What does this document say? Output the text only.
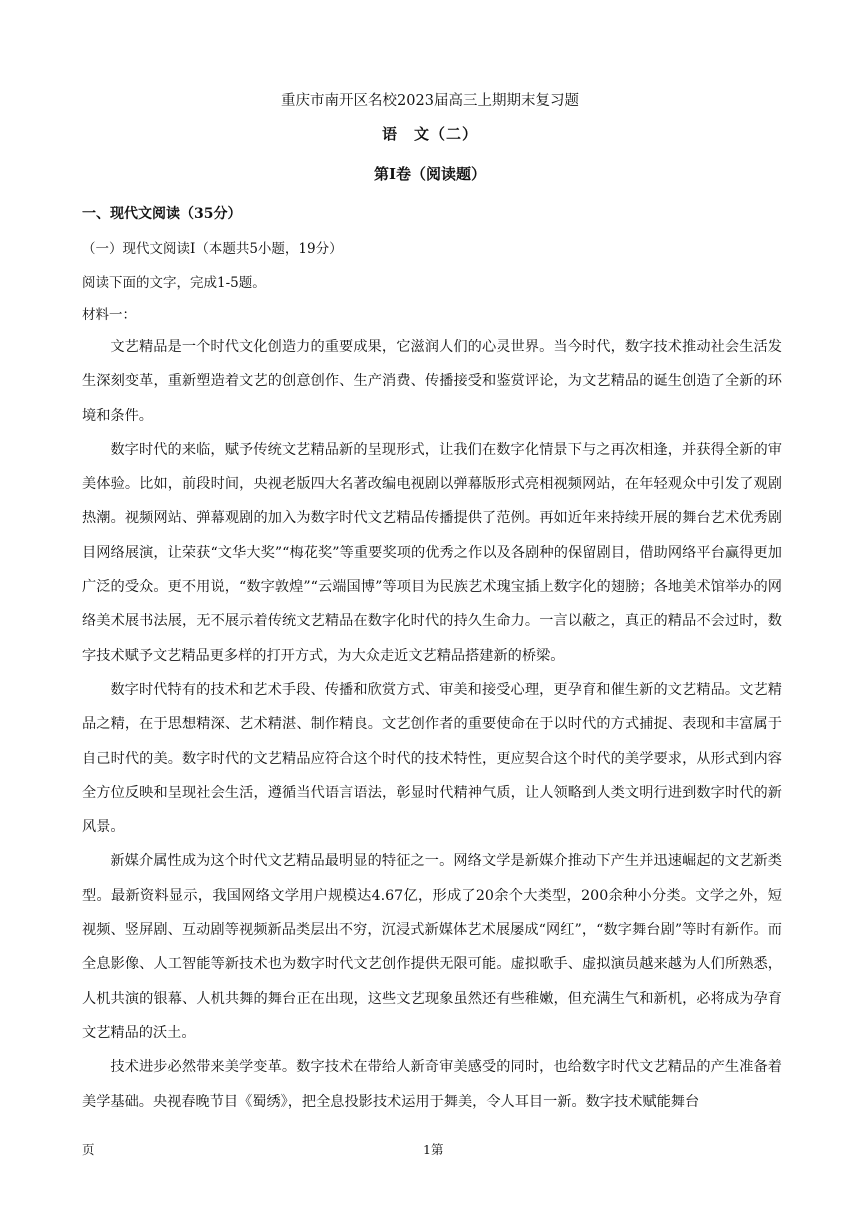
重庆市南开区名校2023届高三上期期末复习题
语 文（二）
第Ⅰ卷（阅读题）
一、现代文阅读（35分）
（一）现代文阅读Ⅰ（本题共5小题，19分）
阅读下面的文字，完成1-5题。
材料一：

文艺精品是一个时代文化创造力的重要成果，它滋润人们的心灵世界。当今时代，数字技术推动社会生活发生深刻变革，重新塑造着文艺的创意创作、生产消费、传播接受和鉴赏评论，为文艺精品的诞生创造了全新的环境和条件。

数字时代的来临，赋予传统文艺精品新的呈现形式，让我们在数字化情景下与之再次相逢，并获得全新的审美体验。比如，前段时间，央视老版四大名著改编电视剧以弹幕版形式亮相视频网站，在年轻观众中引发了观剧热潮。视频网站、弹幕观剧的加入为数字时代文艺精品传播提供了范例。再如近年来持续开展的舞台艺术优秀剧目网络展演，让荣获“文华大奖”“梅花奖”等重要奖项的优秀之作以及各剧种的保留剧目，借助网络平台赢得更加广泛的受众。更不用说，“数字敦煌”“云端国博”等项目为民族艺术瑰宝插上数字化的翅膀；各地美术馆举办的网络美术展书法展，无不展示着传统文艺精品在数字化时代的持久生命力。一言以蔽之，真正的精品不会过时，数字技术赋予文艺精品更多样的打开方式，为大众走近文艺精品搭建新的桥梁。

数字时代特有的技术和艺术手段、传播和欣赏方式、审美和接受心理，更孕育和催生新的文艺精品。文艺精品之精，在于思想精深、艺术精湛、制作精良。文艺创作者的重要使命在于以时代的方式捕捉、表现和丰富属于自己时代的美。数字时代的文艺精品应符合这个时代的技术特性，更应契合这个时代的美学要求，从形式到内容全方位反映和呈现社会生活，遵循当代语言语法，彰显时代精神气质，让人领略到人类文明行进到数字时代的新风景。

新媒介属性成为这个时代文艺精品最明显的特征之一。网络文学是新媒介推动下产生并迅速崛起的文艺新类型。最新资料显示，我国网络文学用户规模达4.67亿，形成了20余个大类型，200余种小分类。文学之外，短视频、竖屏剧、互动剧等视频新品类层出不穷，沉浸式新媒体艺术展屡成“网红”，“数字舞台剧”等时有新作。而全息影像、人工智能等新技术也为数字时代文艺创作提供无限可能。虚拟歌手、虚拟演员越来越为人们所熟悉，人机共演的银幕、人机共舞的舞台正在出现，这些文艺现象虽然还有些稚嫩，但充满生气和新机，必将成为孕育文艺精品的沃土。

技术进步必然带来美学变革。数字技术在带给人新奇审美感受的同时，也给数字时代文艺精品的产生准备着美学基础。央视春晚节目《蜀绣》，把全息投影技术运用于舞美，令人耳目一新。数字技术赋能舞台

页	1第
